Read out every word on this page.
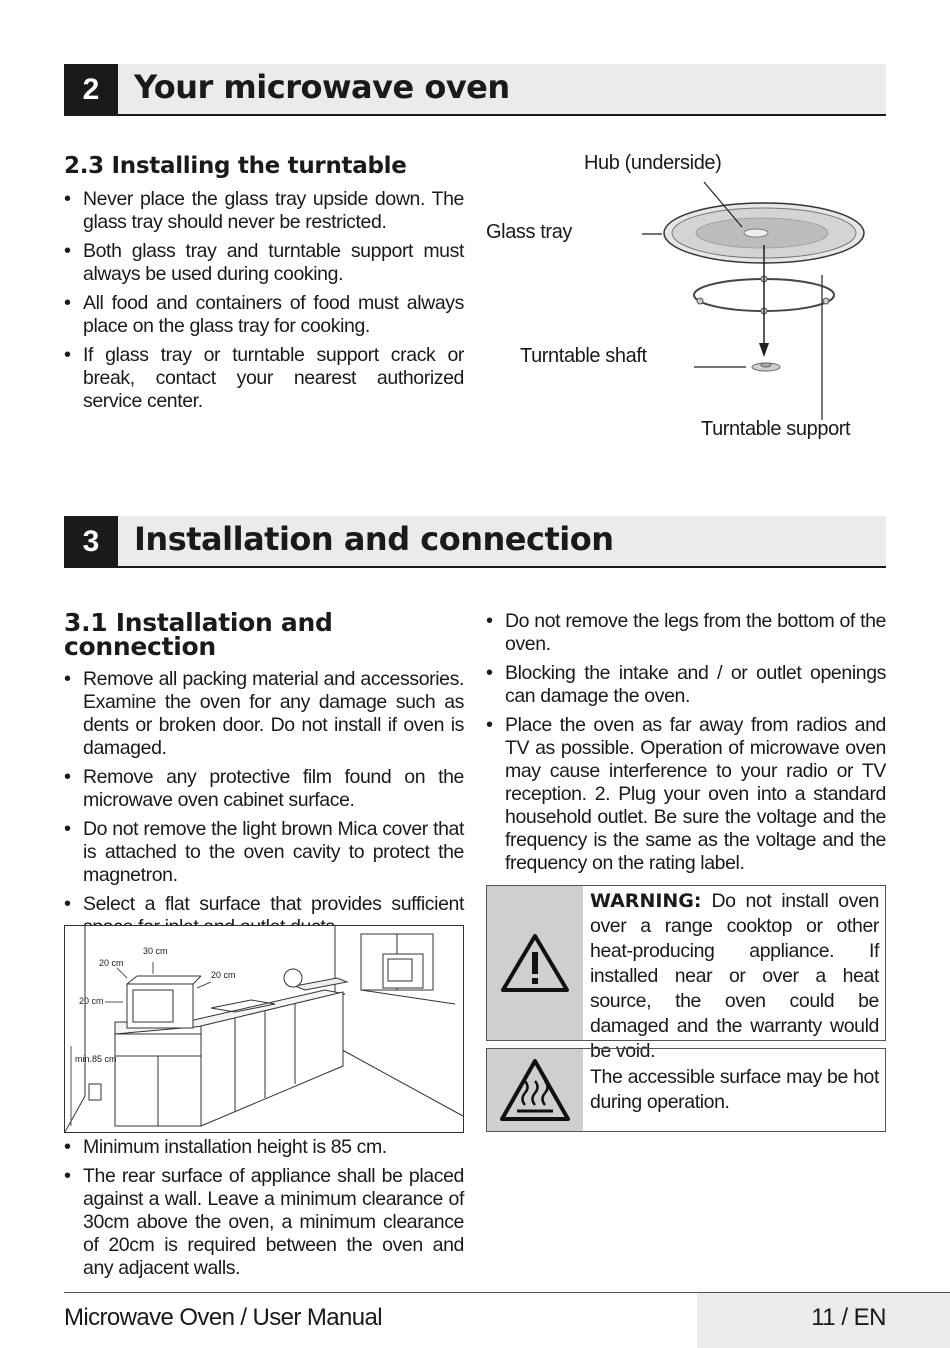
2	Your microwave oven
2.3 Installing the turntable
• Never place the glass tray upside down. The glass tray should never be restricted.
• Both glass tray and turntable support must always be used during cooking.
• All food and containers of food must always place on the glass tray for cooking.
• If glass tray or turntable support crack or break, contact your nearest authorized service center.
Hub (underside)
Glass tray
Turntable shaft
Turntable support
3	Installation and connection
3.1 Installation and
connection
• Remove all packing material and accessories. Examine the oven for any damage such as dents or broken door. Do not install if oven is damaged.
• Remove any protective film found on the microwave oven cabinet surface.
• Do not remove the light brown Mica cover that is attached to the oven cavity to protect the magnetron.
• Select a flat surface that provides sufficient
30 cm
20 cm
20 cm
20 cm
min.85 cm
• Minimum installation height is 85 cm.
• The rear surface of appliance shall be placed against a wall. Leave a minimum clearance of 30cm above the oven, a minimum clearance of 20cm is required between the oven and any adjacent walls.
• Do not remove the legs from the bottom of the oven.
• Blocking the intake and / or outlet openings can damage the oven.
• Place the oven as far away from radios and TV as possible. Operation of microwave oven may cause interference to your radio or TV reception. 2. Plug your oven into a standard household outlet. Be sure the voltage and the frequency is the same as the voltage and the frequency on the rating label.
WARNING: Do not install oven over a range cooktop or other heat-producing appliance. If installed near or over a heat source, the oven could be damaged and the warranty would be void.
The accessible surface may be hot during operation.
Microwave Oven / User Manual	11 / EN
